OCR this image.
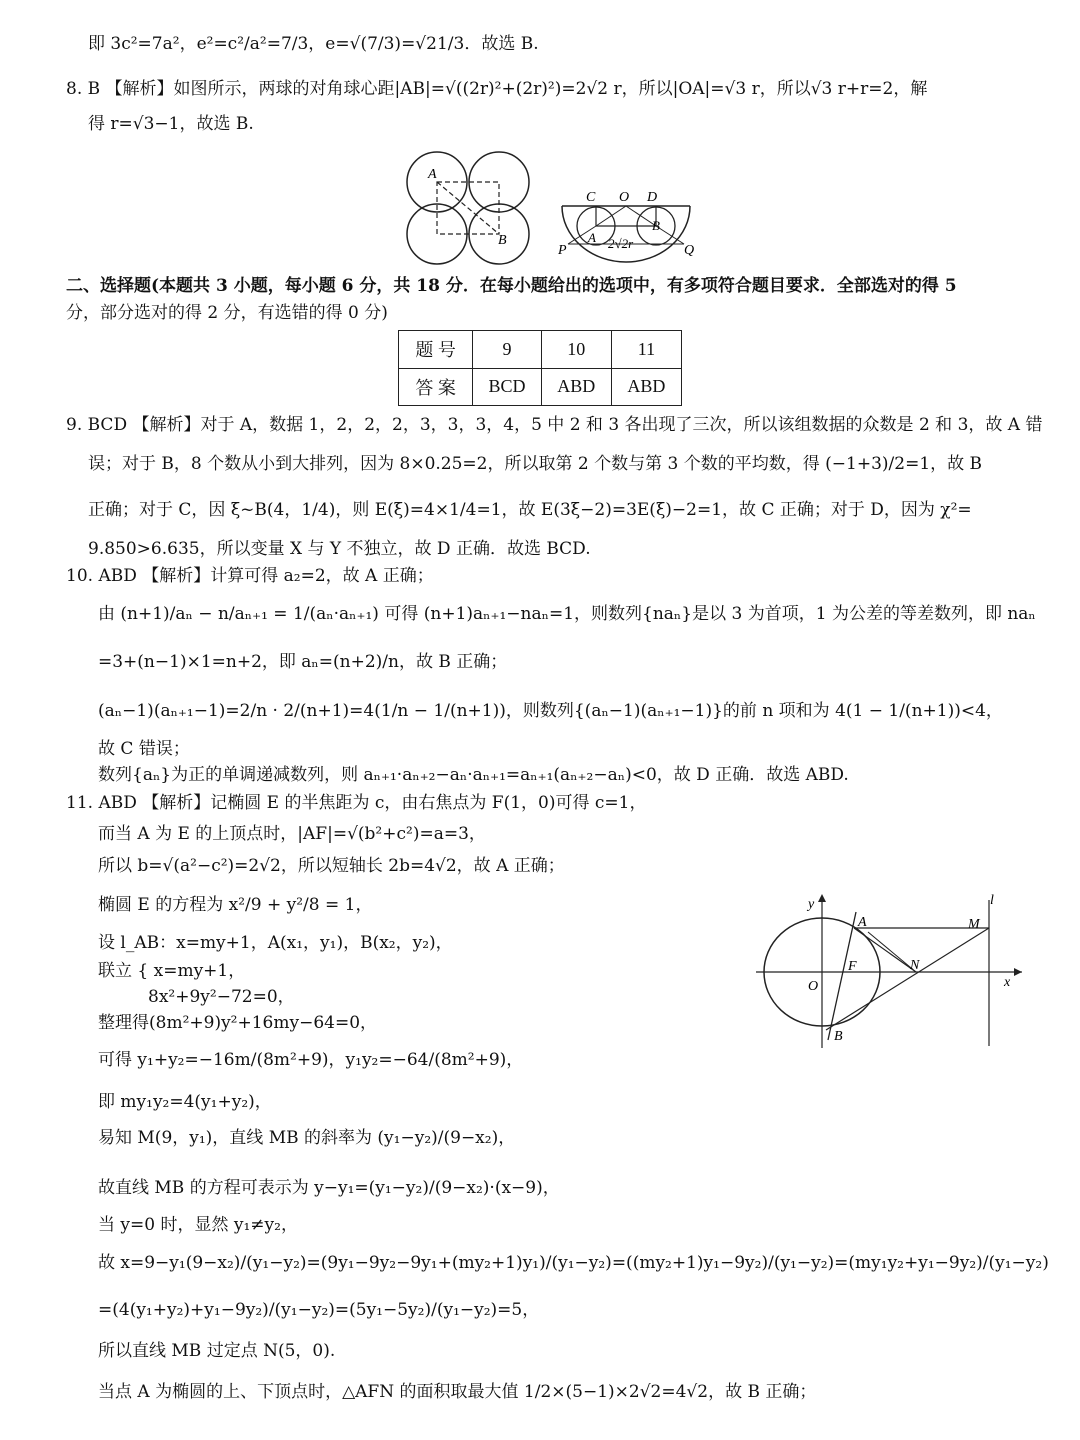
即 3c²=7a²，e²=c²/a²=7/3，e=√(7/3)=√21/3．故选 B.
8. B 【解析】如图所示，两球的对角球心距|AB|=√((2r)²+(2r)²)=2√2 r，所以|OA|=√3 r，所以√3 r+r=2，解
得 r=√3−1，故选 B.
A
B
C O D
A
B
P	Q
2√2r
二、选择题(本题共 3 小题，每小题 6 分，共 18 分．在每小题给出的选项中，有多项符合题目要求．全部选对的得 5
分，部分选对的得 2 分，有选错的得 0 分)
题 号	9	10	11
答 案	BCD	ABD	ABD
9. BCD 【解析】对于 A，数据 1，2，2，2，3，3，3，4，5 中 2 和 3 各出现了三次，所以该组数据的众数是 2 和 3，故 A 错
误；对于 B，8 个数从小到大排列，因为 8×0.25=2，所以取第 2 个数与第 3 个数的平均数，得 (−1+3)/2=1，故 B
正确；对于 C，因 ξ~B(4，1/4)，则 E(ξ)=4×1/4=1，故 E(3ξ−2)=3E(ξ)−2=1，故 C 正确；对于 D，因为 χ²=
9.850>6.635，所以变量 X 与 Y 不独立，故 D 正确．故选 BCD.
10. ABD 【解析】计算可得 a₂=2，故 A 正确；
由 (n+1)/aₙ − n/aₙ₊₁ = 1/(aₙ·aₙ₊₁) 可得 (n+1)aₙ₊₁−naₙ=1，则数列{naₙ}是以 3 为首项，1 为公差的等差数列，即 naₙ
=3+(n−1)×1=n+2，即 aₙ=(n+2)/n，故 B 正确；
(aₙ−1)(aₙ₊₁−1)=2/n · 2/(n+1)=4(1/n − 1/(n+1))，则数列{(aₙ−1)(aₙ₊₁−1)}的前 n 项和为 4(1 − 1/(n+1))<4，
故 C 错误；
数列{aₙ}为正的单调递减数列，则 aₙ₊₁·aₙ₊₂−aₙ·aₙ₊₁=aₙ₊₁(aₙ₊₂−aₙ)<0，故 D 正确．故选 ABD.
11. ABD 【解析】记椭圆 E 的半焦距为 c，由右焦点为 F(1，0)可得 c=1，
而当 A 为 E 的上顶点时，|AF|=√(b²+c²)=a=3，
所以 b=√(a²−c²)=2√2，所以短轴长 2b=4√2，故 A 正确；
椭圆 E 的方程为 x²/9 + y²/8 = 1，
设 l_AB：x=my+1，A(x₁，y₁)，B(x₂，y₂)，
联立 { x=my+1，
8x²+9y²−72=0，
整理得(8m²+9)y²+16my−64=0，
可得 y₁+y₂=−16m/(8m²+9)，y₁y₂=−64/(8m²+9)，
即 my₁y₂=4(y₁+y₂)，
易知 M(9，y₁)，直线 MB 的斜率为 (y₁−y₂)/(9−x₂)，
故直线 MB 的方程可表示为 y−y₁=(y₁−y₂)/(9−x₂)·(x−9)，
当 y=0 时，显然 y₁≠y₂，
故 x=9−y₁(9−x₂)/(y₁−y₂)=(9y₁−9y₂−9y₁+(my₂+1)y₁)/(y₁−y₂)=((my₂+1)y₁−9y₂)/(y₁−y₂)=(my₁y₂+y₁−9y₂)/(y₁−y₂)
=(4(y₁+y₂)+y₁−9y₂)/(y₁−y₂)=(5y₁−5y₂)/(y₁−y₂)=5，
所以直线 MB 过定点 N(5，0).
当点 A 为椭圆的上、下顶点时，△AFN 的面积取最大值 1/2×(5−1)×2√2=4√2，故 B 正确；
y	l
A	M
F	N
O	x
B
